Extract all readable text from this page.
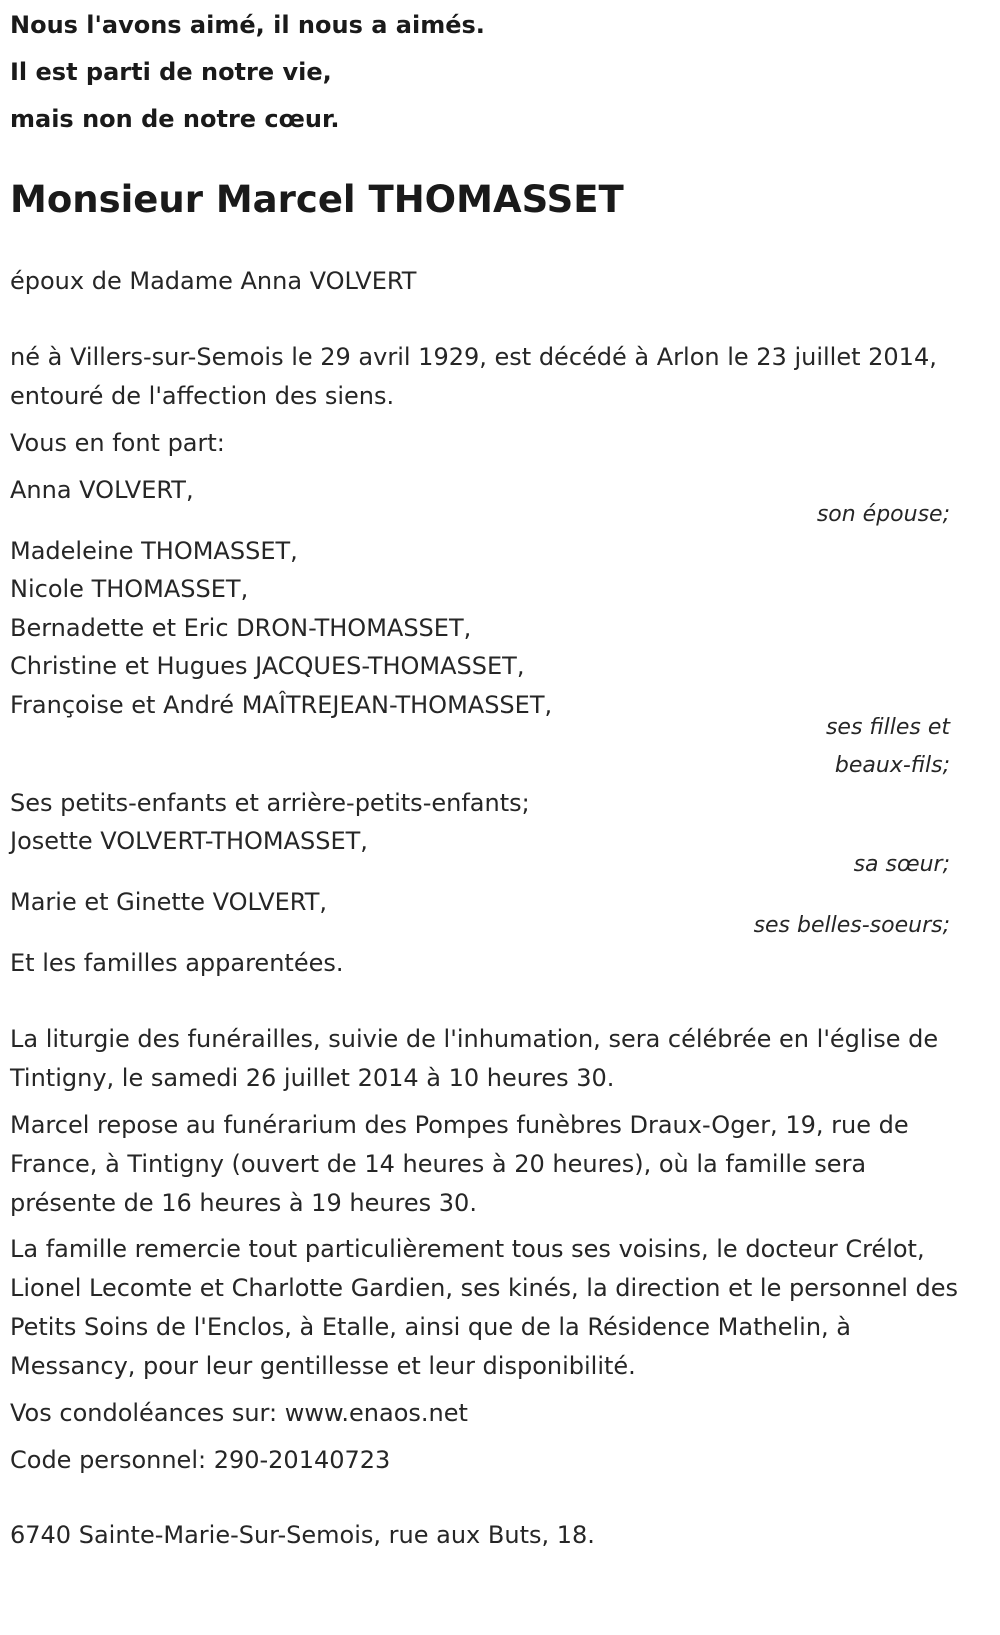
Nous l'avons aimé, il nous a aimés.
Il est parti de notre vie,
mais non de notre cœur.
Monsieur Marcel THOMASSET
époux de Madame Anna VOLVERT
né à Villers-sur-Semois le 29 avril 1929, est décédé à Arlon le 23 juillet 2014, entouré de l'affection des siens.
Vous en font part:
Anna VOLVERT,
son épouse;
Madeleine THOMASSET,
Nicole THOMASSET,
Bernadette et Eric DRON-THOMASSET,
Christine et Hugues JACQUES-THOMASSET,
Françoise et André MAÎTREJEAN-THOMASSET,
ses filles et
beaux-fils;
Ses petits-enfants et arrière-petits-enfants;
Josette VOLVERT-THOMASSET,
sa sœur;
Marie et Ginette VOLVERT,
ses belles-soeurs;
Et les familles apparentées.
La liturgie des funérailles, suivie de l'inhumation, sera célébrée en l'église de Tintigny, le samedi 26 juillet 2014 à 10 heures 30.
Marcel repose au funérarium des Pompes funèbres Draux-Oger, 19, rue de France, à Tintigny (ouvert de 14 heures à 20 heures), où la famille sera présente de 16 heures à 19 heures 30.
La famille remercie tout particulièrement tous ses voisins, le docteur Crélot, Lionel Lecomte et Charlotte Gardien, ses kinés, la direction et le personnel des Petits Soins de l'Enclos, à Etalle, ainsi que de la Résidence Mathelin, à Messancy, pour leur gentillesse et leur disponibilité.
Vos condoléances sur: www.enaos.net
Code personnel: 290-20140723
6740 Sainte-Marie-Sur-Semois, rue aux Buts, 18.
